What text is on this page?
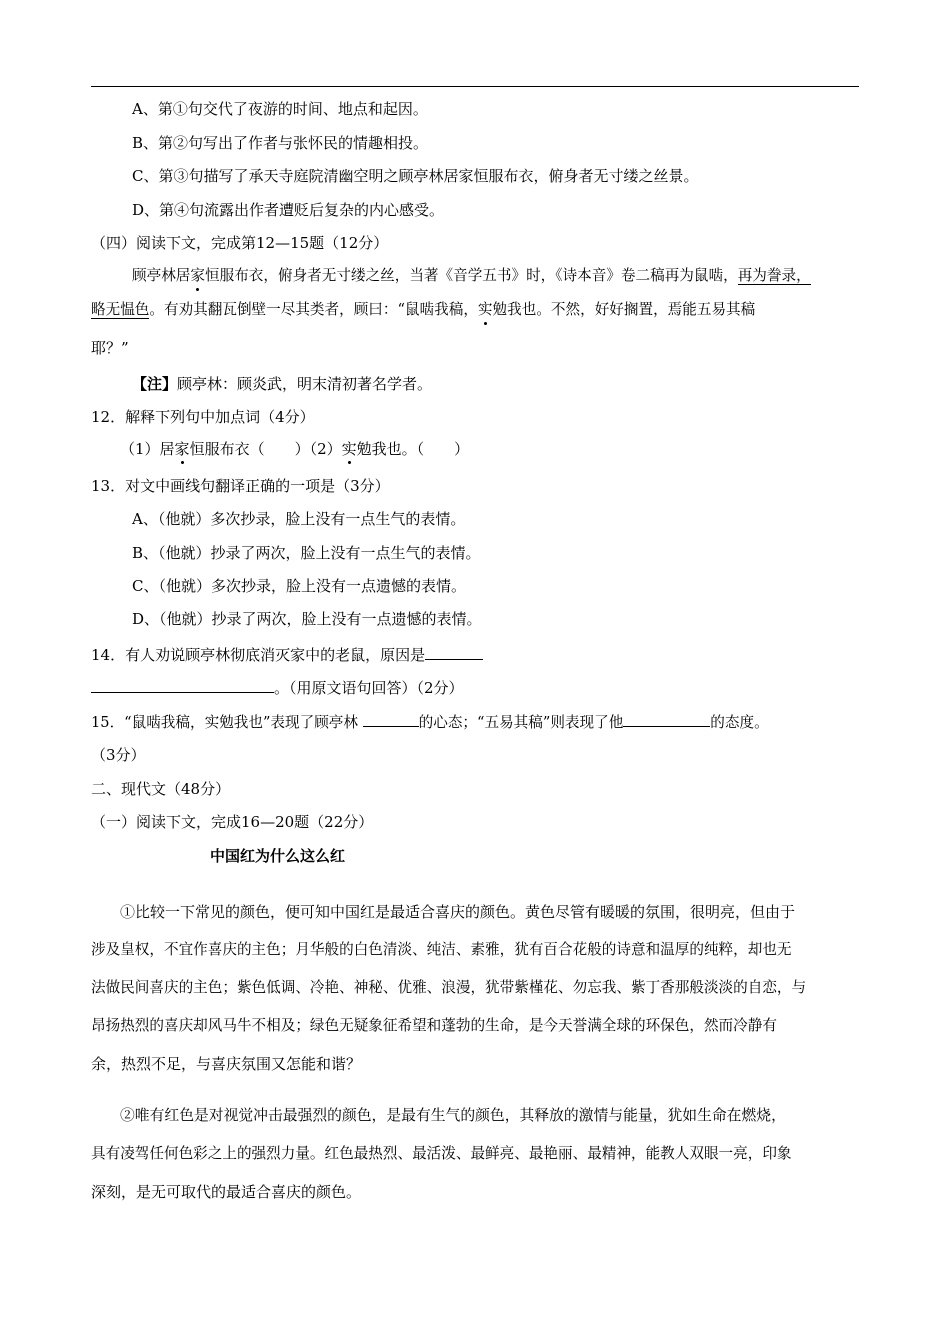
A、第①句交代了夜游的时间、地点和起因。
B、第②句写出了作者与张怀民的情趣相投。
C、第③句描写了承天寺庭院清幽空明之顾亭林居家恒服布衣，俯身者无寸缕之丝景。
D、第④句流露出作者遭贬后复杂的内心感受。
（四）阅读下文，完成第12—15题（12分）
顾亭林居家恒服布衣，俯身者无寸缕之丝，当著《音学五书》时，《诗本音》卷二稿再为鼠啮，再为誊录，
略无愠色。有劝其翻瓦倒壁一尽其类者，顾曰：“鼠啮我稿，实勉我也。不然，好好搁置，焉能五易其稿
耶？”
【注】顾亭林：顾炎武，明末清初著名学者。
12．解释下列句中加点词（4分）
（1）居家恒服布衣（　　）（2）实勉我也。（　　）
13．对文中画线句翻译正确的一项是（3分）
A、（他就）多次抄录，脸上没有一点生气的表情。
B、（他就）抄录了两次，脸上没有一点生气的表情。
C、（他就）多次抄录，脸上没有一点遗憾的表情。
D、（他就）抄录了两次，脸上没有一点遗憾的表情。
14．有人劝说顾亭林彻底消灭家中的老鼠，原因是
。（用原文语句回答）（2分）
15．“鼠啮我稿，实勉我也”表现了顾亭林	的心态；“五易其稿”则表现了他	的态度。
（3分）
二、现代文（48分）
（一）阅读下文，完成16—20题（22分）
中国红为什么这么红
①比较一下常见的颜色，便可知中国红是最适合喜庆的颜色。黄色尽管有暖暖的氛围，很明亮，但由于
涉及皇权，不宜作喜庆的主色；月华般的白色清淡、纯洁、素雅，犹有百合花般的诗意和温厚的纯粹，却也无
法做民间喜庆的主色；紫色低调、冷艳、神秘、优雅、浪漫，犹带紫槿花、勿忘我、紫丁香那般淡淡的自恋，与
昂扬热烈的喜庆却风马牛不相及；绿色无疑象征希望和蓬勃的生命，是今天誉满全球的环保色，然而冷静有
余，热烈不足，与喜庆氛围又怎能和谐？
②唯有红色是对视觉冲击最强烈的颜色，是最有生气的颜色，其释放的激情与能量，犹如生命在燃烧，
具有凌驾任何色彩之上的强烈力量。红色最热烈、最活泼、最鲜亮、最艳丽、最精神，能教人双眼一亮，印象
深刻，是无可取代的最适合喜庆的颜色。
